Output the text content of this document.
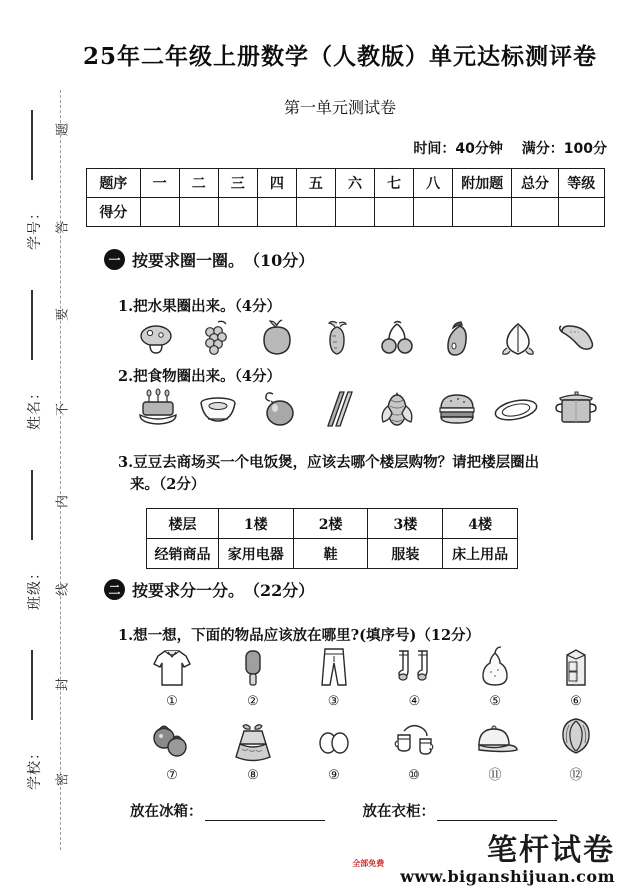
学号：
姓名：
班级：
学校：
题
答
要
不
内
线
封
密
25年二年级上册数学（人教版）单元达标测评卷
第一单元测试卷
时间：40分钟 满分：100分
题序	一	二	三	四	五	六	七	八	附加题	总分	等级
得分											
一 按要求圈一圈。 （10分）
1.把水果圈出来。（4分）
2.把食物圈出来。（4分）
3.豆豆去商场买一个电饭煲，应该去哪个楼层购物？请把楼层圈出
来。（2分）
楼层	1楼	2楼	3楼	4楼
经销商品	家用电器	鞋	服装	床上用品
二 按要求分一分。 （22分）
1.想一想，下面的物品应该放在哪里?(填序号)（12分）
①	②	③	④	⑤	⑥
⑦	⑧	⑨	⑩	⑪	⑫
放在冰箱：	放在衣柜：
全部免费	笔杆试卷
www.biganshijuan.com
